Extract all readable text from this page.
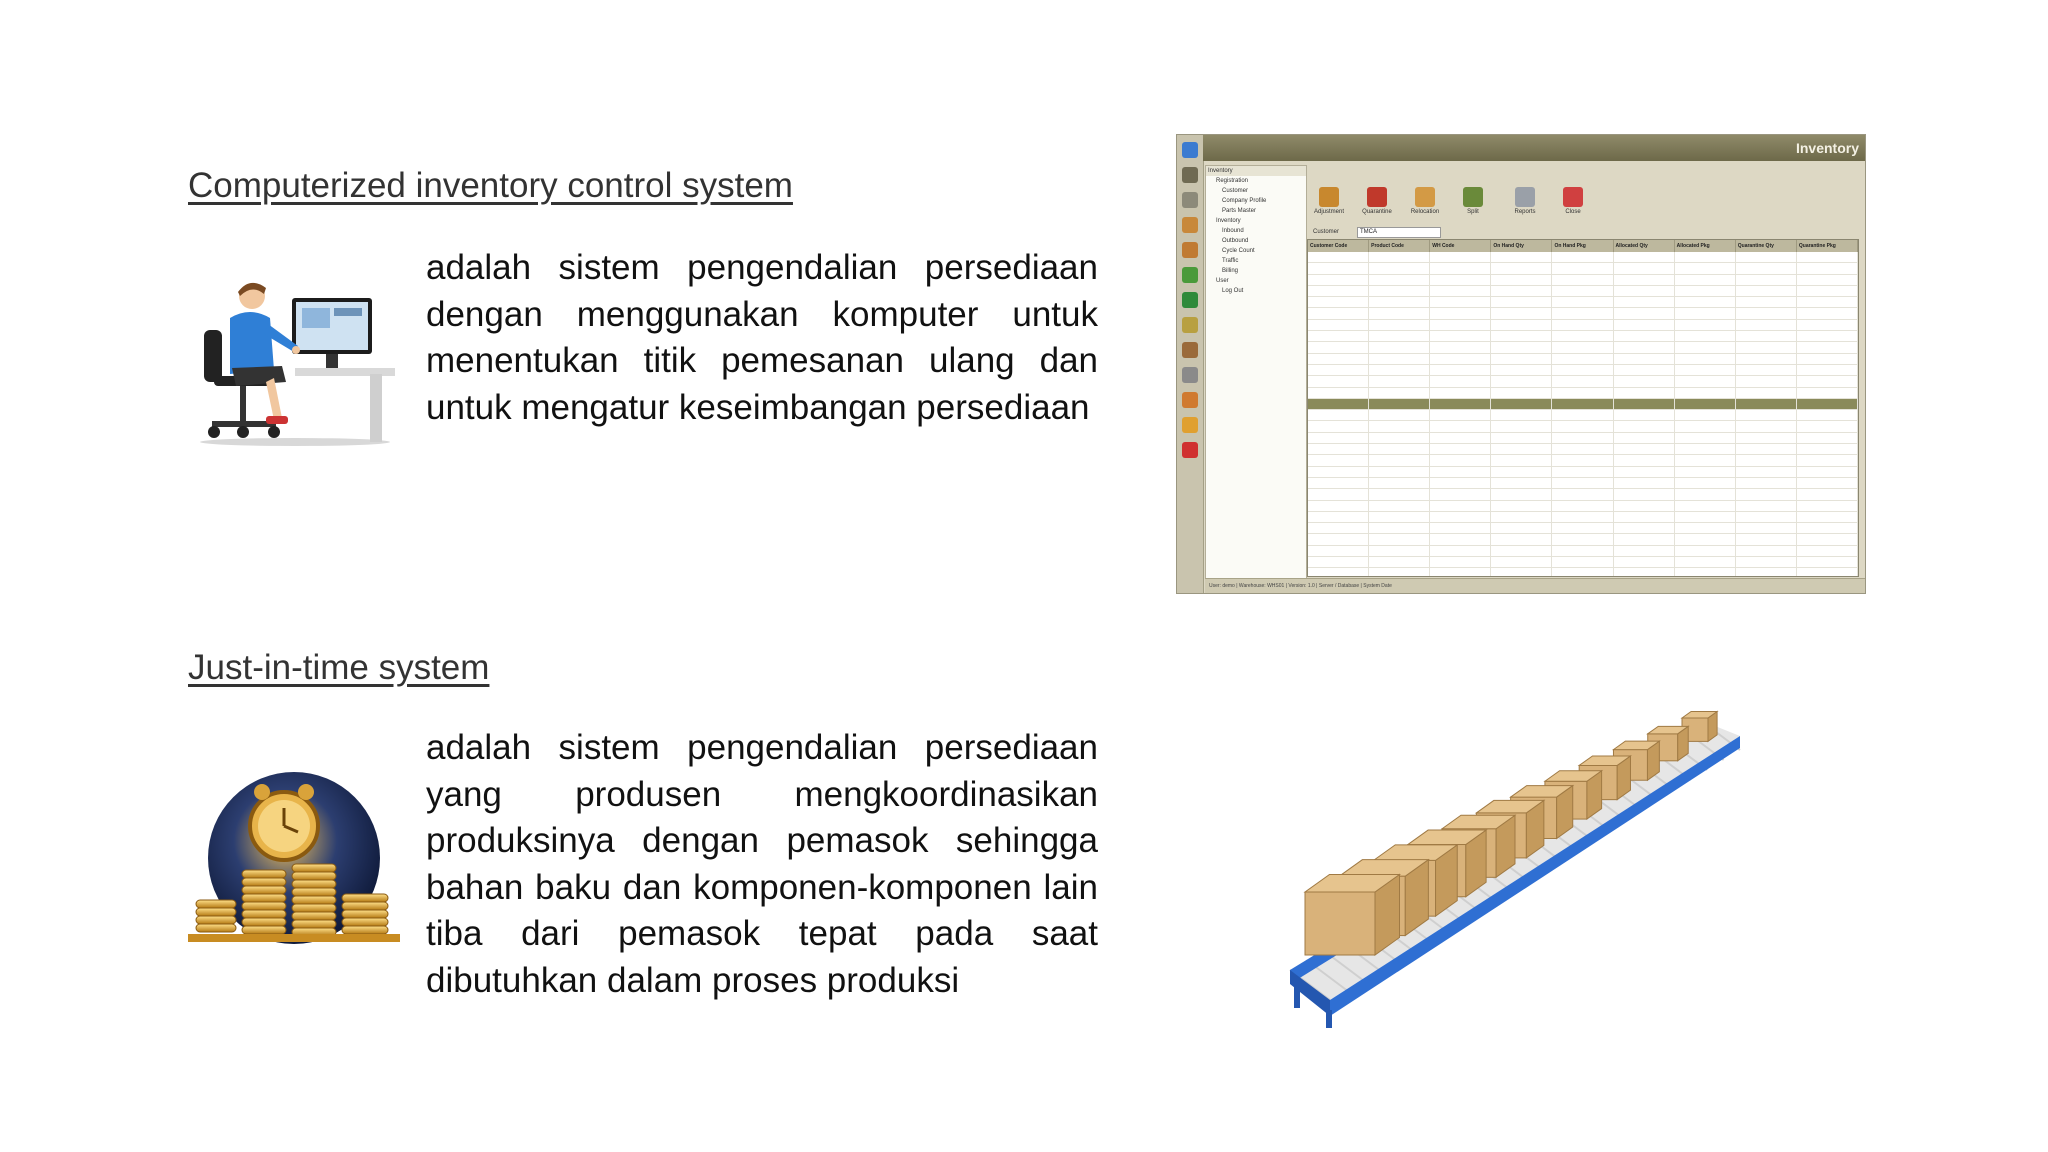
Computerized inventory control system
adalah sistem pengendalian persediaan dengan menggunakan komputer untuk menentukan titik pemesanan ulang dan untuk mengatur keseimbangan persediaan
Inventory
Inventory
Registration
Customer
Company Profile
Parts Master
Inventory
Inbound
Outbound
Cycle Count
Traffic
Billing
User
Log Out
Adjustment	Quarantine	Relocation	Split	Reports	Close
Customer	TMCA
Customer Code	Product Code	WH Code	On Hand Qty	On Hand Pkg	Allocated Qty	Allocated Pkg	Quarantine Qty	Quarantine Pkg
User: demo | Warehouse: WHS01 | Version: 1.0 | Server / Database | System Date
Just-in-time system
adalah sistem pengendalian persediaan yang produsen mengkoordinasikan produksinya dengan pemasok sehingga bahan baku dan komponen-komponen lain tiba dari pemasok tepat pada saat dibutuhkan dalam proses produksi
